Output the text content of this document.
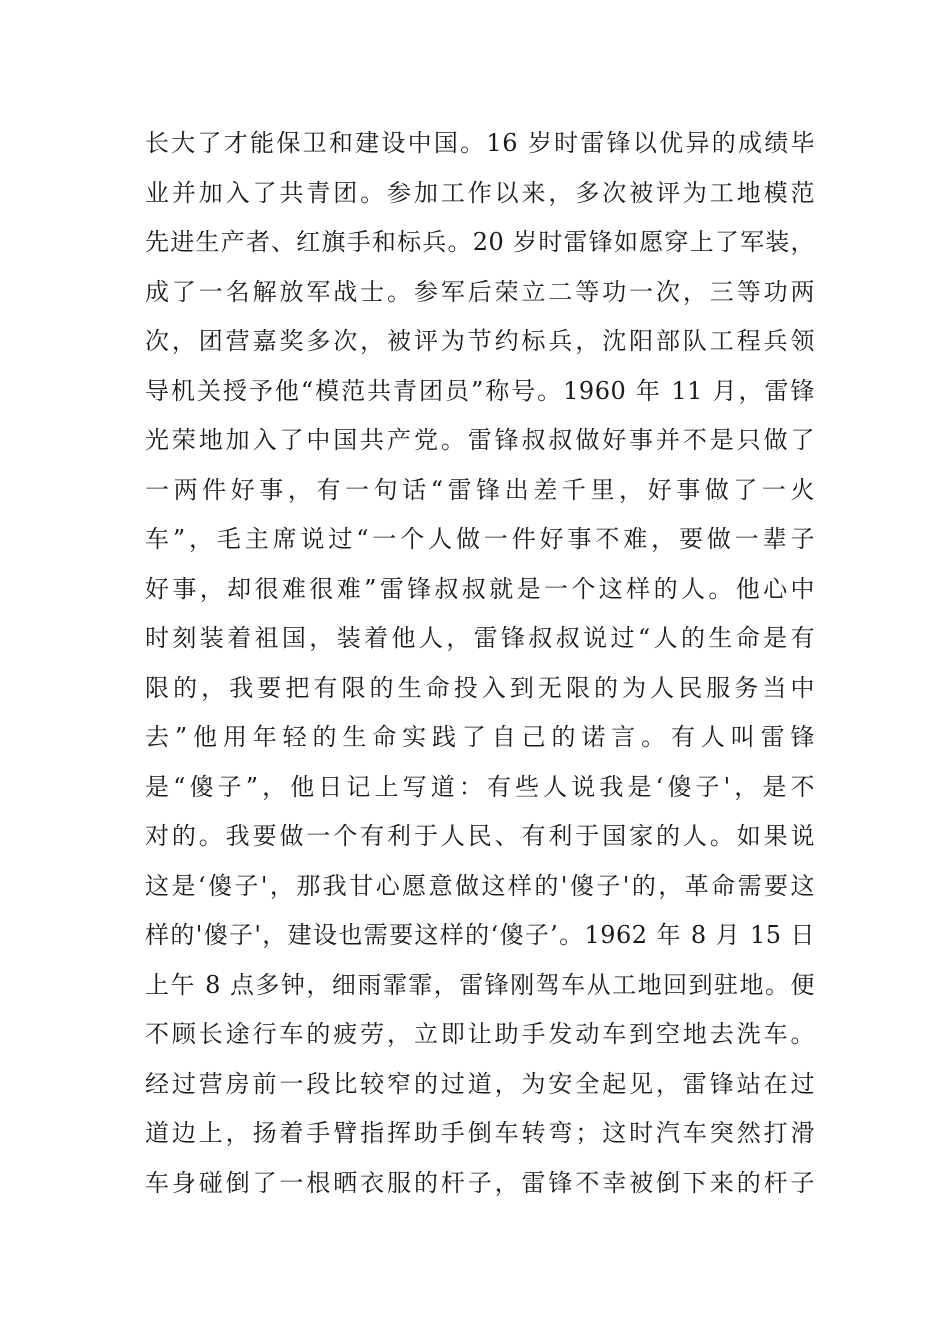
长大了才能保卫和建设中国。16 岁时雷锋以优异的成绩毕
业并加入了共青团。参加工作以来，多次被评为工地模范
先进生产者、红旗手和标兵。20 岁时雷锋如愿穿上了军装，
成了一名解放军战士。参军后荣立二等功一次，三等功两
次，团营嘉奖多次，被评为节约标兵，沈阳部队工程兵领
导机关授予他“模范共青团员”称号。1960 年 11 月，雷锋
光荣地加入了中国共产党。雷锋叔叔做好事并不是只做了
一两件好事，有一句话“雷锋出差千里，好事做了一火
车”，毛主席说过“一个人做一件好事不难，要做一辈子
好事，却很难很难”雷锋叔叔就是一个这样的人。他心中
时刻装着祖国，装着他人，雷锋叔叔说过“人的生命是有
限的，我要把有限的生命投入到无限的为人民服务当中
去”他用年轻的生命实践了自己的诺言。有人叫雷锋
是“傻子”，他日记上写道：有些人说我是‘傻子'，是不
对的。我要做一个有利于人民、有利于国家的人。如果说
这是‘傻子'，那我甘心愿意做这样的'傻子'的，革命需要这
样的'傻子'，建设也需要这样的‘傻子’。1962 年 8 月 15 日
上午 8 点多钟，细雨霏霏，雷锋刚驾车从工地回到驻地。便
不顾长途行车的疲劳，立即让助手发动车到空地去洗车。
经过营房前一段比较窄的过道，为安全起见，雷锋站在过
道边上，扬着手臂指挥助手倒车转弯；这时汽车突然打滑
车身碰倒了一根晒衣服的杆子，雷锋不幸被倒下来的杆子
